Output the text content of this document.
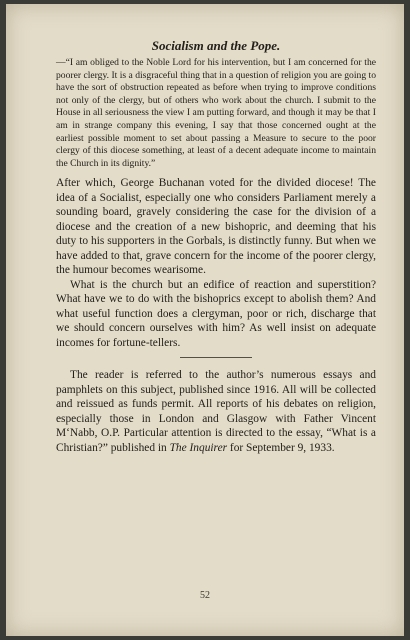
Socialism and the Pope.

—“I am obliged to the Noble Lord for his intervention, but I am concerned for the poorer clergy. It is a disgraceful thing that in a question of religion you are going to have the sort of obstruction repeated as before when trying to improve conditions not only of the clergy, but of others who work about the church. I submit to the House in all seriousness the view I am putting forward, and though it may be that I am in strange company this evening, I say that those concerned ought at the earliest possible moment to set about passing a Measure to secure to the poor clergy of this diocese something, at least of a decent adequate income to maintain the Church in its dignity.”

After which, George Buchanan voted for the divided diocese! The idea of a Socialist, especially one who considers Parliament merely a sounding board, gravely considering the case for the division of a diocese and the creation of a new bishopric, and deeming that his duty to his supporters in the Gorbals, is distinctly funny. But when we have added to that, grave concern for the income of the poorer clergy, the humour becomes wearisome.

What is the church but an edifice of reaction and superstition? What have we to do with the bishoprics except to abolish them? And what useful function does a clergyman, poor or rich, discharge that we should concern ourselves with him? As well insist on adequate incomes for fortune-tellers.

The reader is referred to the author’s numerous essays and pamphlets on this subject, published since 1916. All will be collected and reissued as funds permit. All reports of his debates on religion, especially those in London and Glasgow with Father Vincent M‘Nabb, O.P. Particular attention is directed to the essay, “What is a Christian?” published in The Inquirer for September 9, 1933.

52
